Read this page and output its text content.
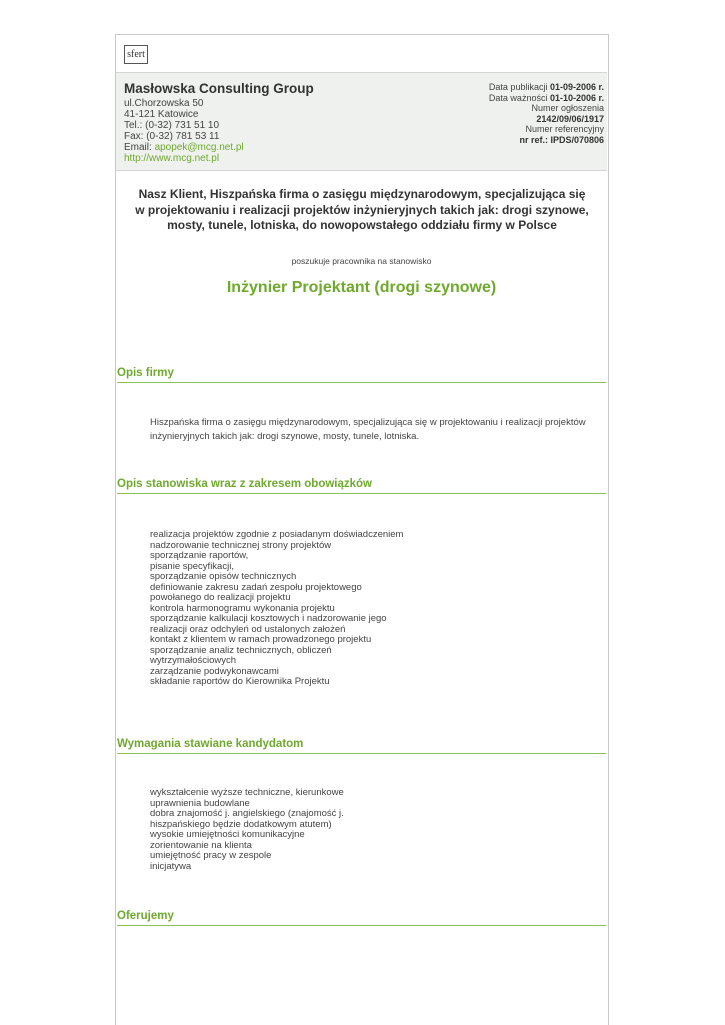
sfert
Masłowska Consulting Group
ul.Chorzowska 50
41-121 Katowice
Tel.: (0-32) 731 51 10
Fax: (0-32) 781 53 11
Email: apopek@mcg.net.pl
http://www.mcg.net.pl
Data publikacji 01-09-2006 r.
Data ważności 01-10-2006 r.
Numer ogłoszenia
2142/09/06/1917
Numer referencyjny
nr ref.: IPDS/070806
Nasz Klient, Hiszpańska firma o zasięgu międzynarodowym, specjalizująca się
w projektowaniu i realizacji projektów inżynieryjnych takich jak: drogi szynowe,
mosty, tunele, lotniska, do nowopowstałego oddziału firmy w Polsce
poszukuje pracownika na stanowisko
Inżynier Projektant (drogi szynowe)
Opis firmy
Hiszpańska firma o zasięgu międzynarodowym, specjalizująca się w projektowaniu i realizacji projektów
inżynieryjnych takich jak: drogi szynowe, mosty, tunele, lotniska.
Opis stanowiska wraz z zakresem obowiązków
realizacja projektów zgodnie z posiadanym doświadczeniem
nadzorowanie technicznej strony projektów
sporządzanie raportów,
pisanie specyfikacji,
sporządzanie opisów technicznych
definiowanie zakresu zadań zespołu projektowego
powołanego do realizacji projektu
kontrola harmonogramu wykonania projektu
sporządzanie kalkulacji kosztowych i nadzorowanie jego
realizacji oraz odchyleń od ustalonych założeń
kontakt z klientem w ramach prowadzonego projektu
sporządzanie analiz technicznych, obliczeń
wytrzymałościowych
zarządzanie podwykonawcami
składanie raportów do Kierownika Projektu
Wymagania stawiane kandydatom
wykształcenie wyższe techniczne, kierunkowe
uprawnienia budowlane
dobra znajomość j. angielskiego (znajomość j.
hiszpańskiego będzie dodatkowym atutem)
wysokie umiejętności komunikacyjne
zorientowanie na klienta
umiejętność pracy w zespole
inicjatywa
Oferujemy
